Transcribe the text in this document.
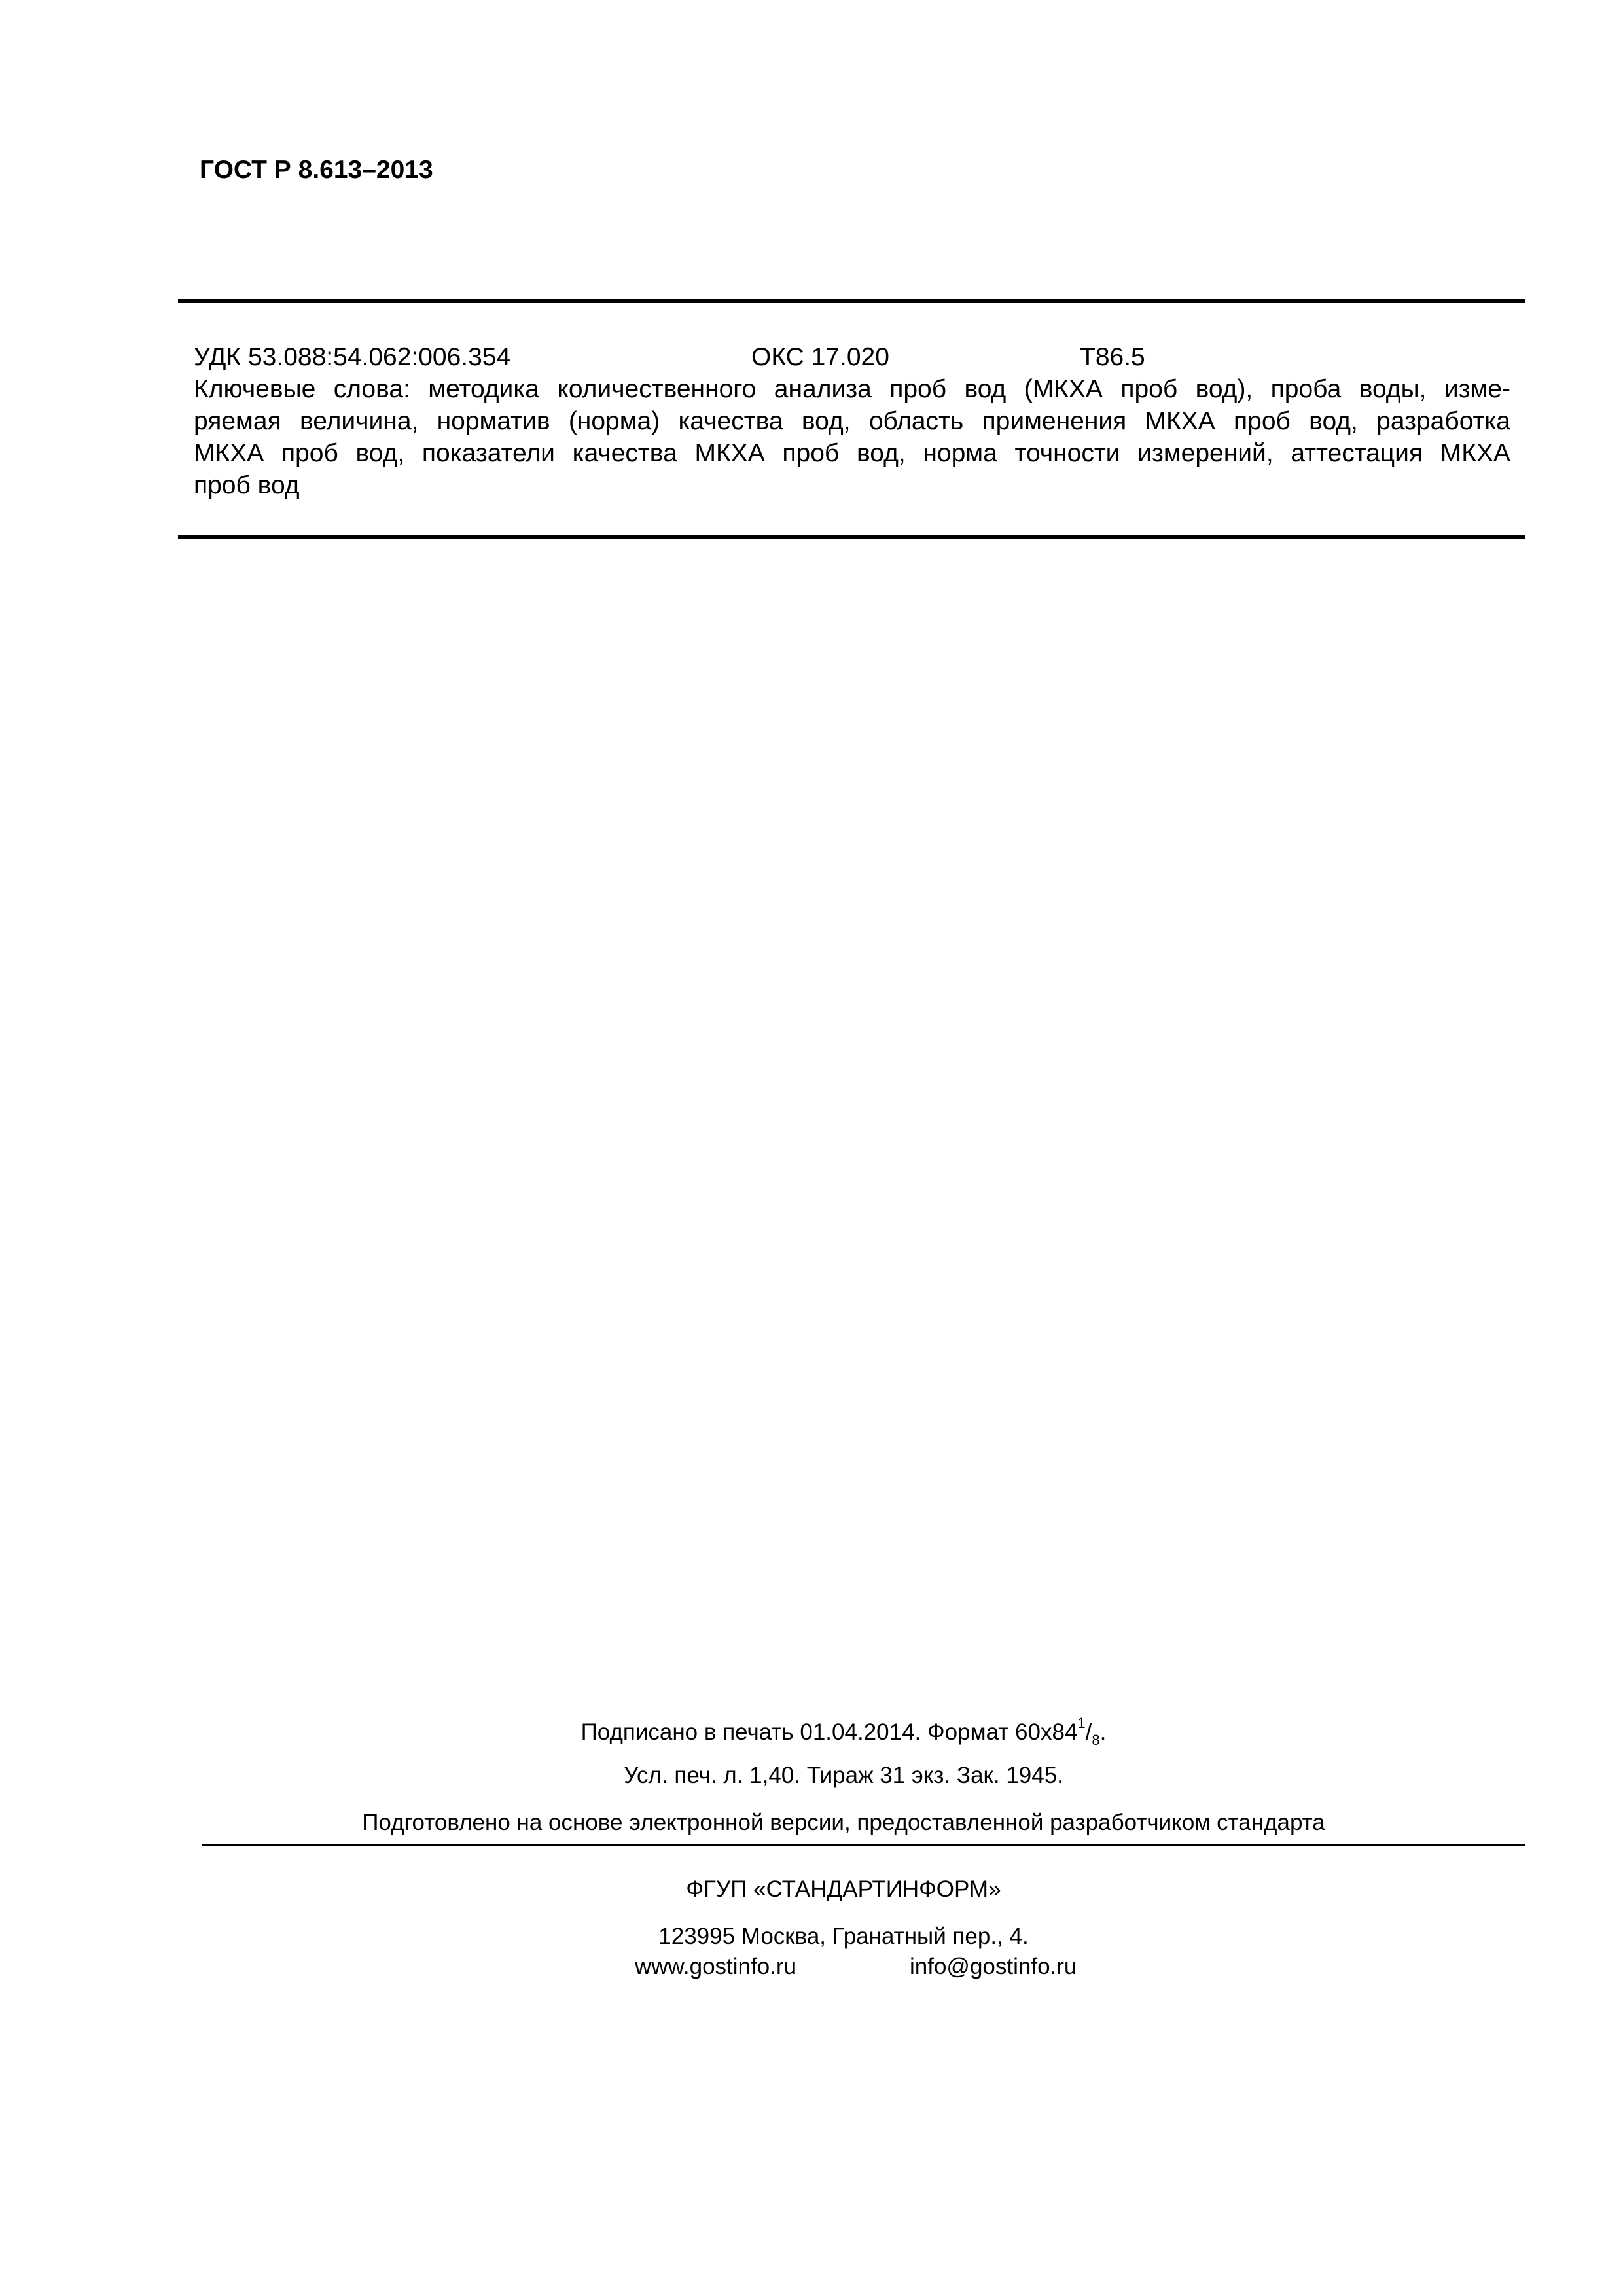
ГОСТ Р 8.613–2013
УДК 53.088:54.062:006.354	ОКС 17.020	Т86.5
Ключевые слова: методика количественного анализа проб вод (МКХА проб вод), проба воды, изме-
ряемая величина, норматив (норма) качества вод, область применения МКХА проб вод, разработка
МКХА проб вод, показатели качества МКХА проб вод, норма точности измерений, аттестация МКХА
проб вод
Подписано в печать 01.04.2014. Формат $60x84^1/_8$.
Усл. печ. л. 1,40. Тираж 31 экз. Зак. 1945.
Подготовлено на основе электронной версии, предоставленной разработчиком стандарта
ФГУП «СТАНДАРТИНФОРМ»
123995 Москва, Гранатный пер., 4.
www.gostinfo.ru	info@gostinfo.ru
